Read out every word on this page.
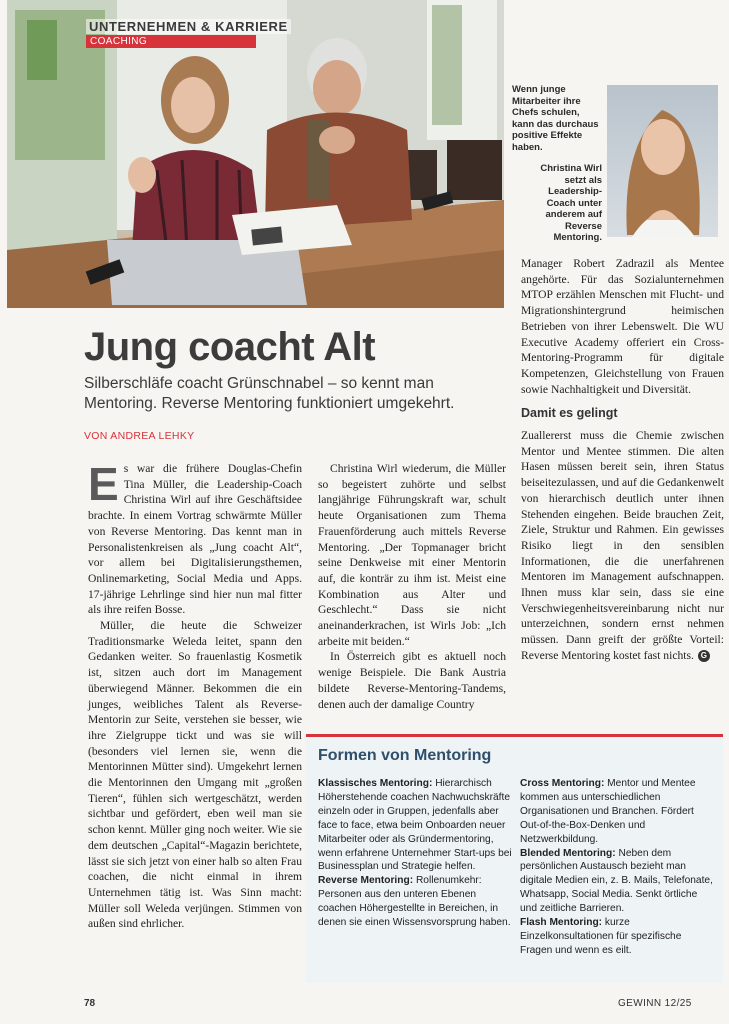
UNTERNEHMEN & KARRIERE
COACHING
Wenn junge Mitarbeiter ihre Chefs schulen, kann das durchaus positive Effekte haben.
Christina Wirl setzt als Leadership-Coach unter anderem auf Reverse Mentoring.
Jung coacht Alt
Silberschläfe coacht Grünschnabel – so kennt man Mentoring. Reverse Mentoring funktioniert umgekehrt.
VON ANDREA LEHKY

Es war die frühere Douglas-Chefin Tina Müller, die Leadership-Coach Christina Wirl auf ihre Geschäftsidee brachte. In einem Vortrag schwärmte Müller von Reverse Mentoring. Das kennt man in Personalistenkreisen als „Jung coacht Alt“, vor allem bei Digitalisierungsthemen, Onlinemarketing, Social Media und Apps. 17-jährige Lehrlinge sind hier nun mal fitter als ihre reifen Bosse.

Müller, die heute die Schweizer Traditionsmarke Weleda leitet, spann den Gedanken weiter. So frauenlastig Kosmetik ist, sitzen auch dort im Management überwiegend Männer. Bekommen die ein junges, weibliches Talent als Reverse-Mentorin zur Seite, verstehen sie besser, wie ihre Zielgruppe tickt und was sie will (besonders viel lernen sie, wenn die Mentorinnen Mütter sind). Umgekehrt lernen die Mentorinnen den Umgang mit „großen Tieren“, fühlen sich wertgeschätzt, werden sichtbar und gefördert, eben weil man sie schon kennt. Müller ging noch weiter. Wie sie dem deutschen „Capital“-Magazin berichtete, lässt sie sich jetzt von einer halb so alten Frau coachen, die nicht einmal in ihrem Unternehmen tätig ist. Was Sinn macht: Müller soll Weleda verjüngen. Stimmen von außen sind ehrlicher.

Christina Wirl wiederum, die Müller so begeistert zuhörte und selbst langjährige Führungskraft war, schult heute Organisationen zum Thema Frauenförderung auch mittels Reverse Mentoring. „Der Topmanager bricht seine Denkweise mit einer Mentorin auf, die konträr zu ihm ist. Meist eine Kombination aus Alter und Geschlecht.“ Dass sie nicht aneinanderkrachen, ist Wirls Job: „Ich arbeite mit beiden.“

In Österreich gibt es aktuell noch wenige Beispiele. Die Bank Austria bildete Reverse-Mentoring-Tandems, denen auch der damalige Country

Manager Robert Zadrazil als Mentee angehörte. Für das Sozialunternehmen MTOP erzählen Menschen mit Flucht- und Migrationshintergrund heimischen Betrieben von ihrer Lebenswelt. Die WU Executive Academy offeriert ein Cross-Mentoring-Programm für digitale Kompetenzen, Gleichstellung von Frauen sowie Nachhaltigkeit und Diversität.

Damit es gelingt

Zuallererst muss die Chemie zwischen Mentor und Mentee stimmen. Die alten Hasen müssen bereit sein, ihren Status beiseitezulassen, und auf die Gedankenwelt von hierarchisch deutlich unter ihnen Stehenden eingehen. Beide brauchen Zeit, Ziele, Struktur und Rahmen. Ein gewisses Risiko liegt in den sensiblen Informationen, die die unerfahrenen Mentoren im Management aufschnappen. Ihnen muss klar sein, dass sie eine Verschwiegenheitsvereinbarung nicht nur unterzeichnen, sondern ernst nehmen müssen. Dann greift der größte Vorteil: Reverse Mentoring kostet fast nichts. G

Formen von Mentoring

Klassisches Mentoring: Hierarchisch Höherstehende coachen Nachwuchskräfte einzeln oder in Gruppen, jedenfalls aber face to face, etwa beim Onboarden neuer Mitarbeiter oder als Gründermentoring, wenn erfahrene Unternehmer Start-ups bei Businessplan und Strategie helfen.

Reverse Mentoring: Rollenumkehr: Personen aus den unteren Ebenen coachen Höhergestellte in Bereichen, in denen sie einen Wissensvorsprung haben.

Cross Mentoring: Mentor und Mentee kommen aus unterschiedlichen Organisationen und Branchen. Fördert Out-of-the-Box-Denken und Netzwerkbildung.

Blended Mentoring: Neben dem persönlichen Austausch bezieht man digitale Medien ein, z. B. Mails, Telefonate, Whatsapp, Social Media. Senkt örtliche und zeitliche Barrieren.

Flash Mentoring: kurze Einzelkonsultationen für spezifische Fragen und wenn es eilt.

78	GEWINN 12/25
